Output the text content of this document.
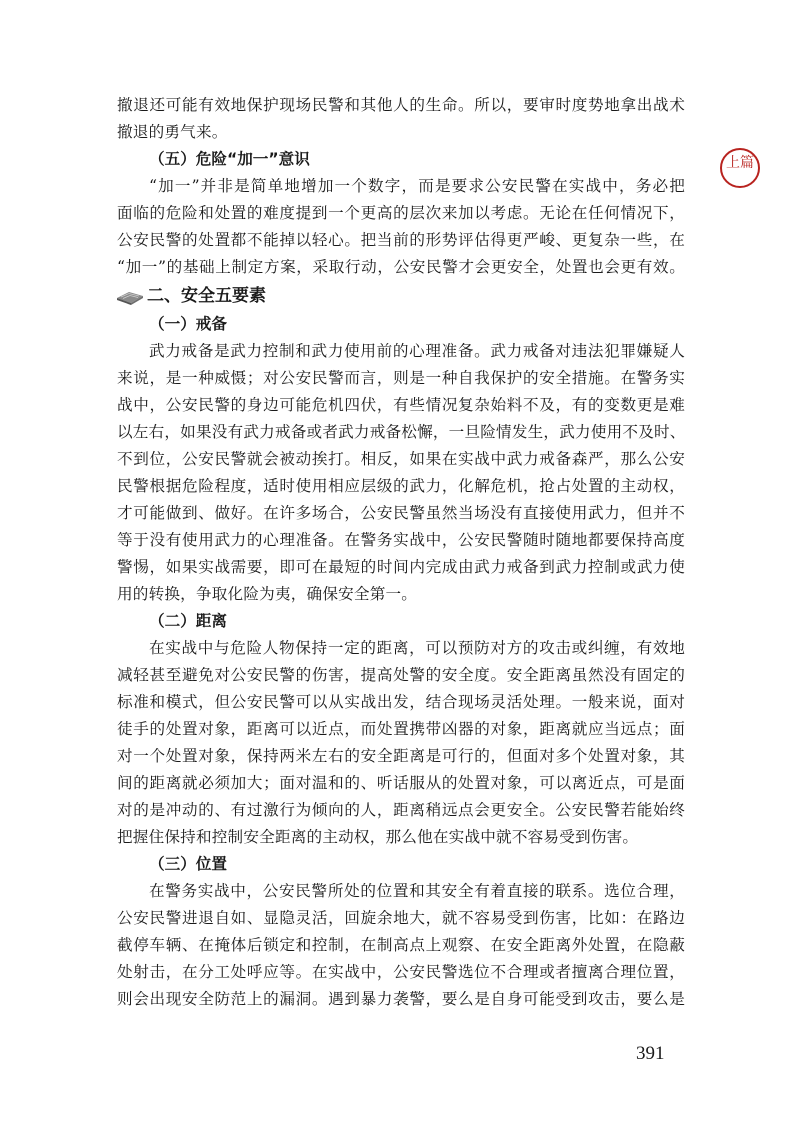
上篇
撤退还可能有效地保护现场民警和其他人的生命。所以，要审时度势地拿出战术
撤退的勇气来。
（五）危险“加一”意识
“加一”并非是简单地增加一个数字，而是要求公安民警在实战中，务必把
面临的危险和处置的难度提到一个更高的层次来加以考虑。无论在任何情况下，
公安民警的处置都不能掉以轻心。把当前的形势评估得更严峻、更复杂一些，在
“加一”的基础上制定方案，采取行动，公安民警才会更安全，处置也会更有效。
二、安全五要素
（一）戒备
武力戒备是武力控制和武力使用前的心理准备。武力戒备对违法犯罪嫌疑人
来说，是一种威慑；对公安民警而言，则是一种自我保护的安全措施。在警务实
战中，公安民警的身边可能危机四伏，有些情况复杂始料不及，有的变数更是难
以左右，如果没有武力戒备或者武力戒备松懈，一旦险情发生，武力使用不及时、
不到位，公安民警就会被动挨打。相反，如果在实战中武力戒备森严，那么公安
民警根据危险程度，适时使用相应层级的武力，化解危机，抢占处置的主动权，
才可能做到、做好。在许多场合，公安民警虽然当场没有直接使用武力，但并不
等于没有使用武力的心理准备。在警务实战中，公安民警随时随地都要保持高度
警惕，如果实战需要，即可在最短的时间内完成由武力戒备到武力控制或武力使
用的转换，争取化险为夷，确保安全第一。
（二）距离
在实战中与危险人物保持一定的距离，可以预防对方的攻击或纠缠，有效地
减轻甚至避免对公安民警的伤害，提高处警的安全度。安全距离虽然没有固定的
标准和模式，但公安民警可以从实战出发，结合现场灵活处理。一般来说，面对
徒手的处置对象，距离可以近点，而处置携带凶器的对象，距离就应当远点；面
对一个处置对象，保持两米左右的安全距离是可行的，但面对多个处置对象，其
间的距离就必须加大；面对温和的、听话服从的处置对象，可以离近点，可是面
对的是冲动的、有过激行为倾向的人，距离稍远点会更安全。公安民警若能始终
把握住保持和控制安全距离的主动权，那么他在实战中就不容易受到伤害。
（三）位置
在警务实战中，公安民警所处的位置和其安全有着直接的联系。选位合理，
公安民警进退自如、显隐灵活，回旋余地大，就不容易受到伤害，比如：在路边
截停车辆、在掩体后锁定和控制，在制高点上观察、在安全距离外处置，在隐蔽
处射击，在分工处呼应等。在实战中，公安民警选位不合理或者擅离合理位置，
则会出现安全防范上的漏洞。遇到暴力袭警，要么是自身可能受到攻击，要么是
391
